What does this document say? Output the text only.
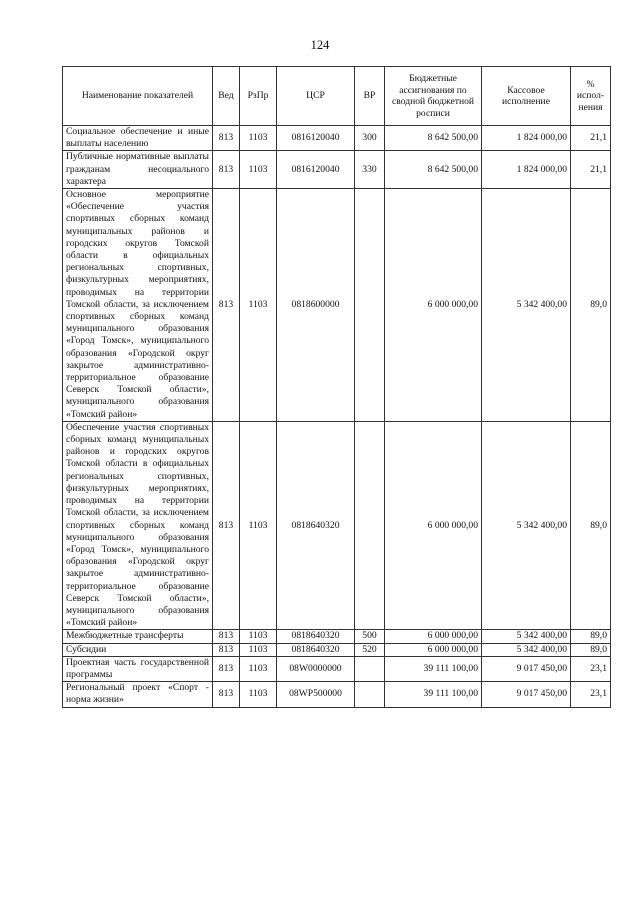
124
Наименование показателей	Вед	РзПр	ЦСР	ВР	Бюджетные ассигнования по сводной бюджетной росписи	Кассовое исполнение	% испол-нения
Социальное обеспечение и иные выплаты населению	813	1103	0816120040	300	8 642 500,00	1 824 000,00	21,1
Публичные нормативные выплаты гражданам несоциального характера	813	1103	0816120040	330	8 642 500,00	1 824 000,00	21,1
Основное мероприятие «Обеспечение участия спортивных сборных команд муниципальных районов и городских округов Томской области в официальных региональных спортивных, физкультурных мероприятиях, проводимых на территории Томской области, за исключением спортивных сборных команд муниципального образования «Город Томск», муниципального образования «Городской округ закрытое административно-территориальное образование Северск Томской области», муниципального образования «Томский район»	813	1103	0818600000		6 000 000,00	5 342 400,00	89,0
Обеспечение участия спортивных сборных команд муниципальных районов и городских округов Томской области в официальных региональных спортивных, физкультурных мероприятиях, проводимых на территории Томской области, за исключением спортивных сборных команд муниципального образования «Город Томск», муниципального образования «Городской округ закрытое административно-территориальное образование Северск Томской области», муниципального образования «Томский район»	813	1103	0818640320		6 000 000,00	5 342 400,00	89,0
Межбюджетные трансферты	813	1103	0818640320	500	6 000 000,00	5 342 400,00	89,0
Субсидии	813	1103	0818640320	520	6 000 000,00	5 342 400,00	89,0
Проектная часть государственной программы	813	1103	08W0000000		39 111 100,00	9 017 450,00	23,1
Региональный проект «Спорт - норма жизни»	813	1103	08WP500000		39 111 100,00	9 017 450,00	23,1
